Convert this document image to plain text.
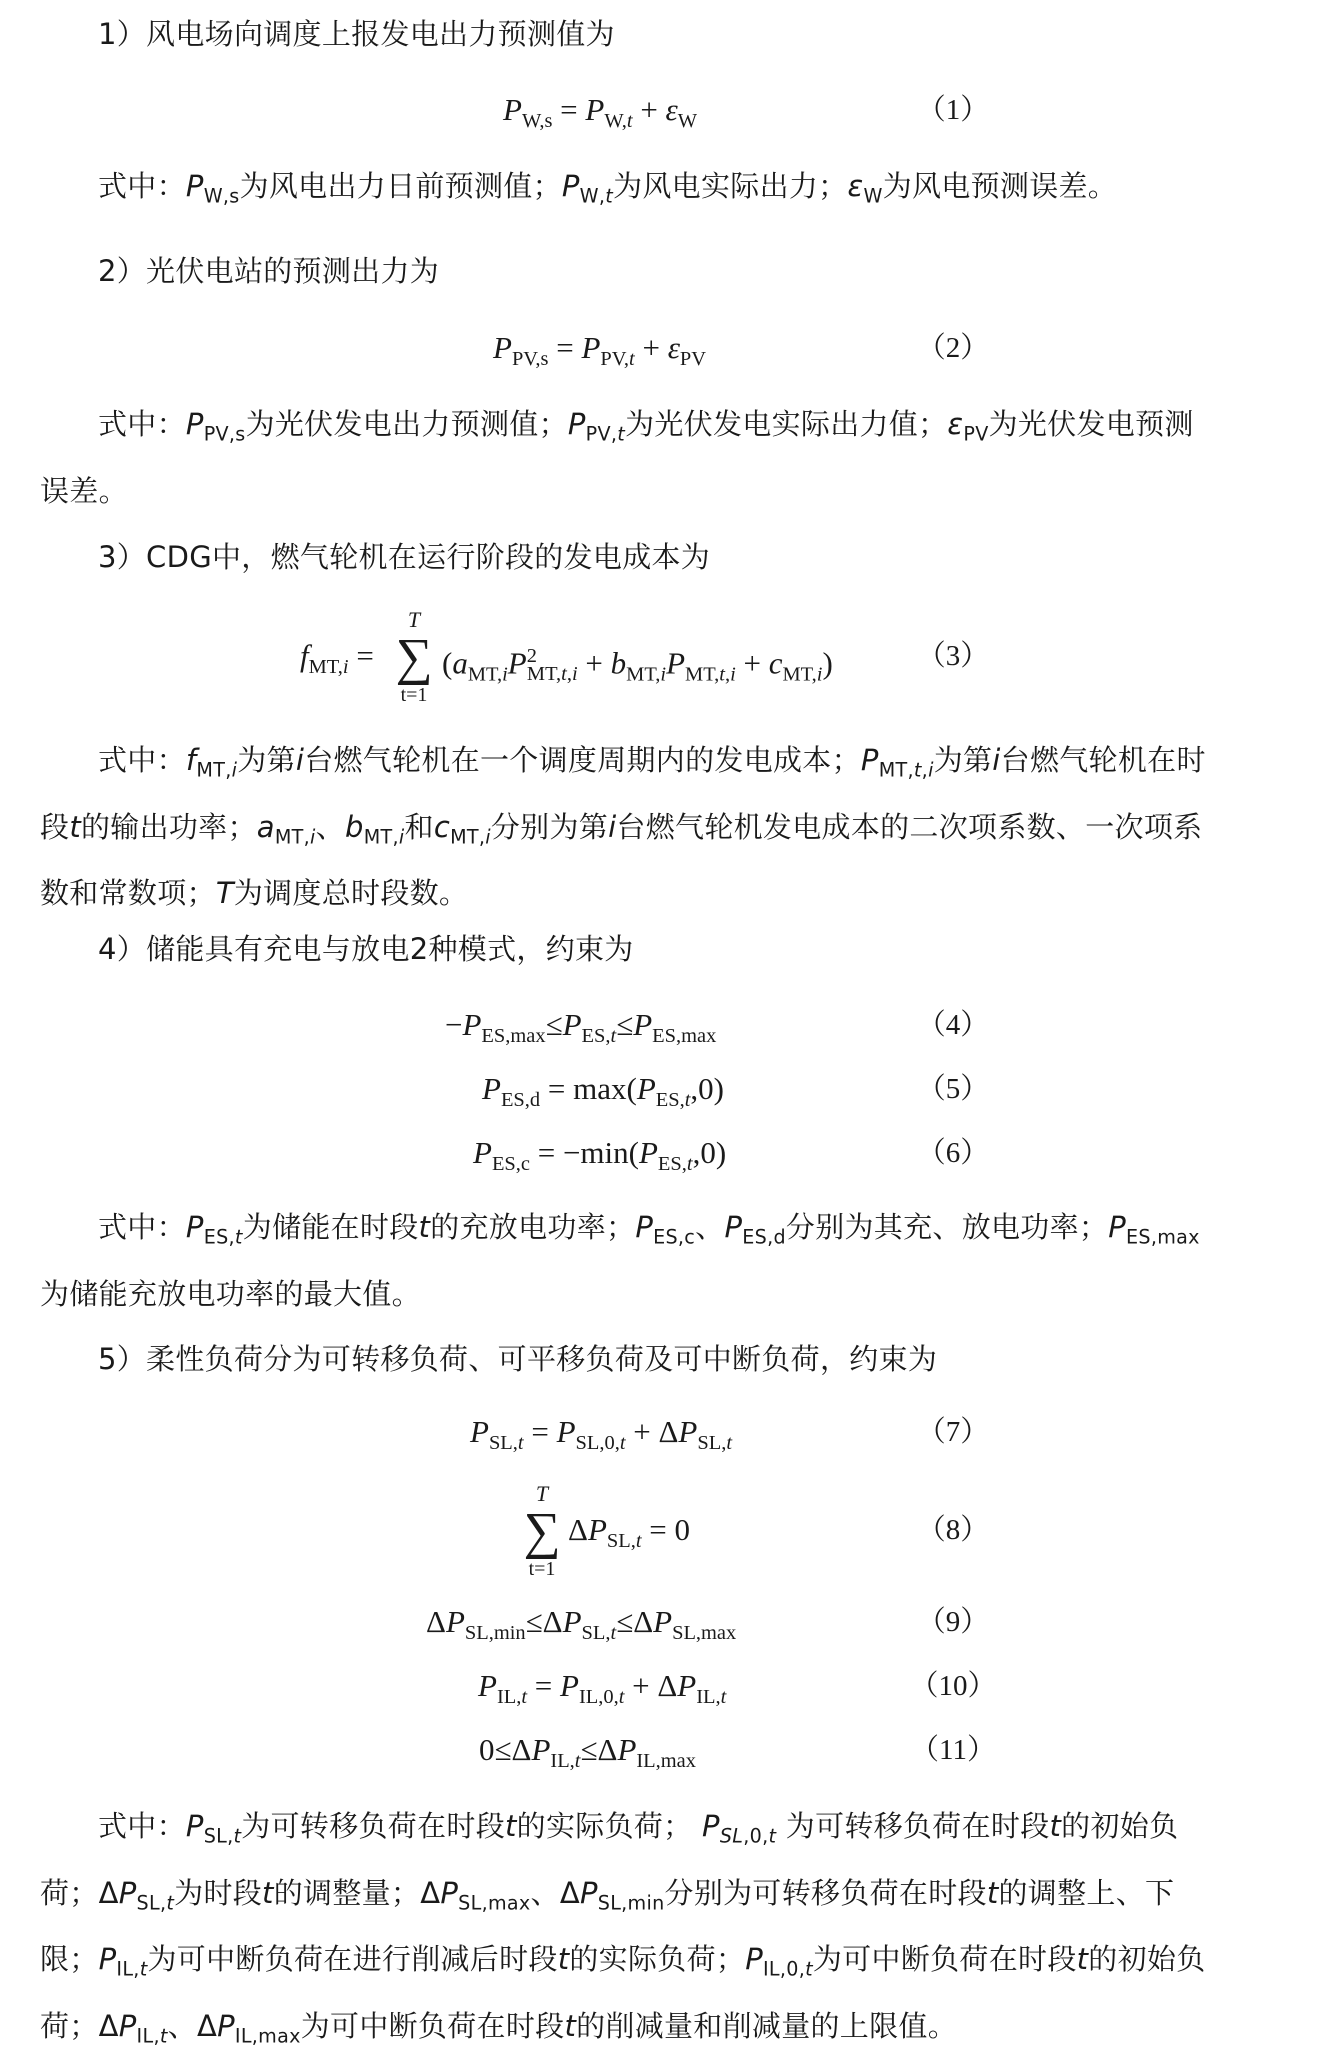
1）风电场向调度上报发电出力预测值为
$P_{W,s} = P_{W,t} + \varepsilon_W$	（1）
式中：$P_{W,s}$为风电出力日前预测值；$P_{W,t}$为风电实际出力；$\varepsilon_W$为风电预测误差。
2）光伏电站的预测出力为
$P_{PV,s} = P_{PV,t} + \varepsilon_{PV}$	（2）
式中：$P_{PV,s}$为光伏发电出力预测值；$P_{PV,t}$为光伏发电实际出力值；$\varepsilon_{PV}$为光伏发电预测
误差。
3）CDG中，燃气轮机在运行阶段的发电成本为
$f_{MT,i}$ =
T
∑
t=1
$(a_{MT,i}P^2_{MT,t,i} + b_{MT,i}P_{MT,t,i} + c_{MT,i})$	（3）
式中：$f_{MT,i}$为第i台燃气轮机在一个调度周期内的发电成本；$P_{MT,t,i}$为第i台燃气轮机在时
段t的输出功率；$a_{MT,i}$、$b_{MT,i}$和$c_{MT,i}$分别为第i台燃气轮机发电成本的二次项系数、一次项系
数和常数项；T为调度总时段数。
4）储能具有充电与放电2种模式，约束为
$-P_{ES,max}\le P_{ES,t}\le P_{ES,max}$	（4）
$P_{ES,d} = \max(P_{ES,t},0)$	（5）
$P_{ES,c} = -\min(P_{ES,t},0)$	（6）
式中：$P_{ES,t}$为储能在时段t的充放电功率；$P_{ES,c}$、$P_{ES,d}$分别为其充、放电功率；$P_{ES,max}$
为储能充放电功率的最大值。
5）柔性负荷分为可转移负荷、可平移负荷及可中断负荷，约束为
$P_{SL,t} = P_{SL,0,t} + \Delta P_{SL,t}$	（7）
T
∑
t=1
$\Delta P_{SL,t} = 0$	（8）
$\Delta P_{SL,min}\le\Delta P_{SL,t}\le\Delta P_{SL,max}$	（9）
$P_{IL,t} = P_{IL,0,t} + \Delta P_{IL,t}$	（10）
$0\le\Delta P_{IL,t}\le\Delta P_{IL,max}$	（11）
式中：$P_{SL,t}$为可转移负荷在时段t的实际负荷； $P_{SL,0,t}$ 为可转移负荷在时段t的初始负
荷；$\Delta P_{SL,t}$为时段t的调整量；$\Delta P_{SL,max}$、$\Delta P_{SL,min}$分别为可转移负荷在时段t的调整上、下
限；$P_{IL,t}$为可中断负荷在进行削减后时段t的实际负荷；$P_{IL,0,t}$为可中断负荷在时段t的初始负
荷；$\Delta P_{IL,t}$、$\Delta P_{IL,max}$为可中断负荷在时段t的削减量和削减量的上限值。
